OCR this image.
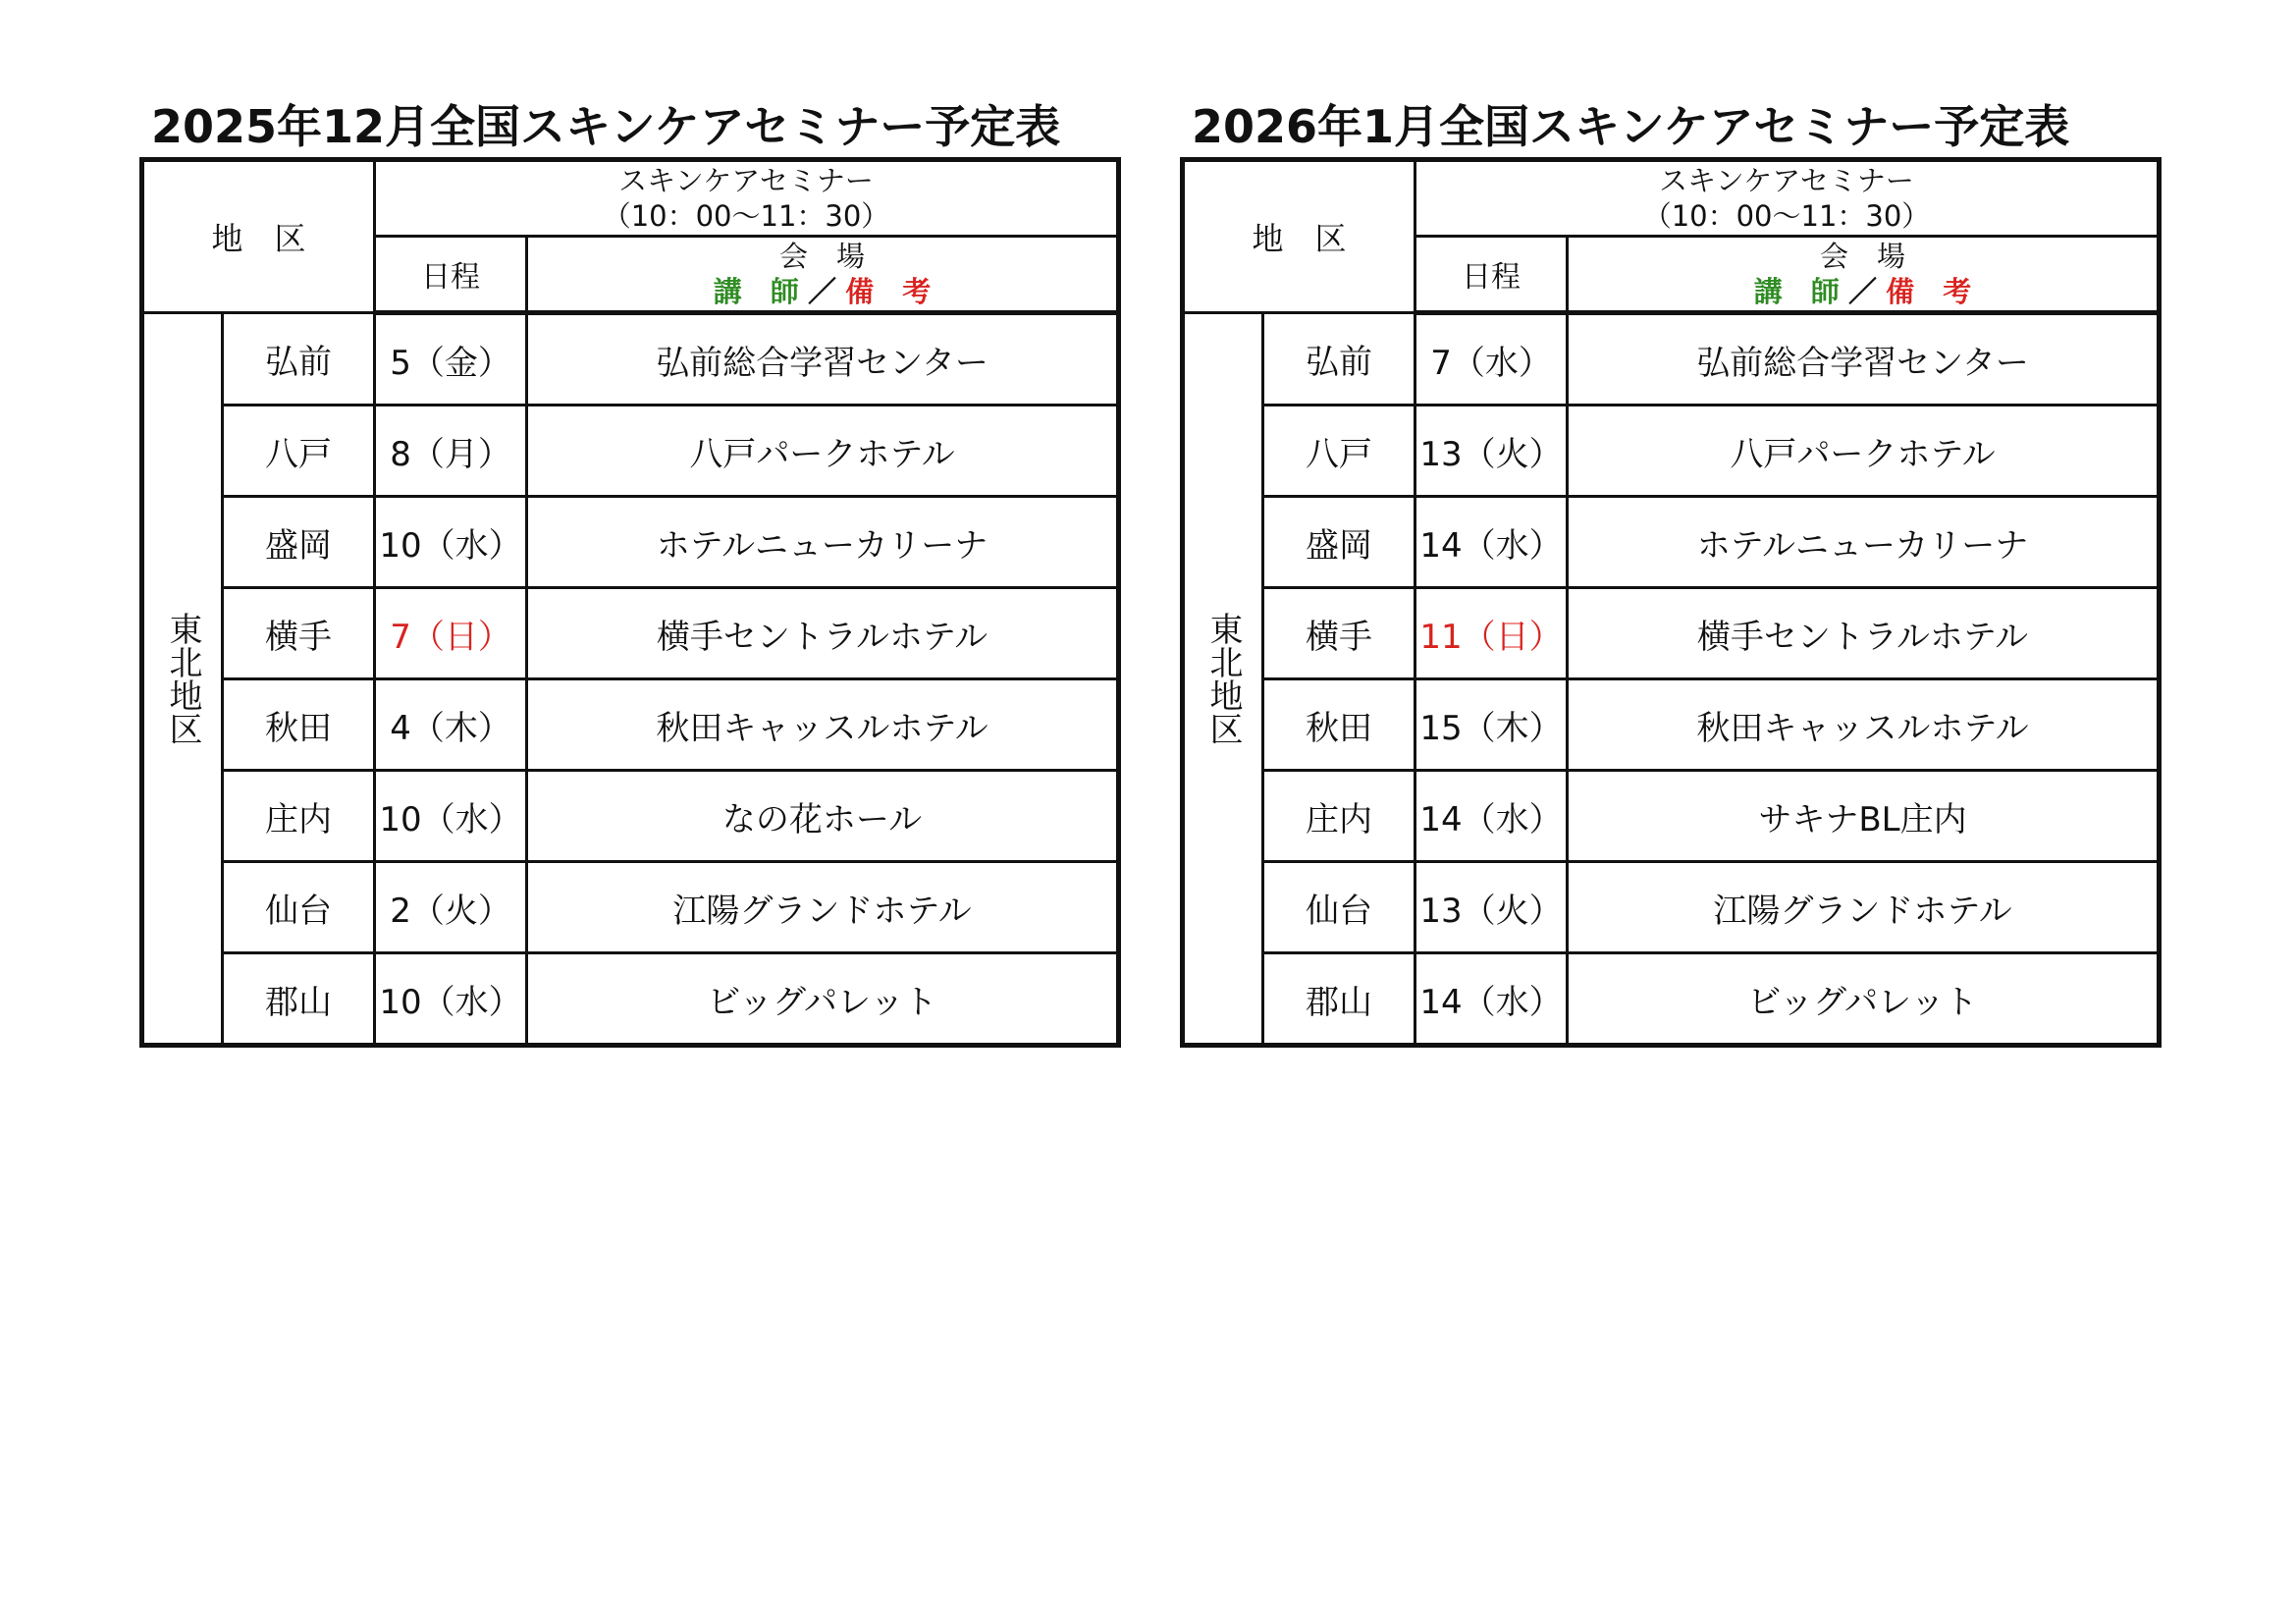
2025年12月全国スキンケアセミナー予定表
地　区		スキンケアセミナー
（10：00～11：30）	

		日程	会　場
講　師 ／ 備　考

東北地区	弘前	5（金）	弘前総合学習センター
	八戸	8（月）	八戸パークホテル
	盛岡	10（水）	ホテルニューカリーナ
	横手	7（日）	横手セントラルホテル
	秋田	4（木）	秋田キャッスルホテル
	庄内	10（水）	なの花ホール
	仙台	2（火）	江陽グランドホテル
	郡山	10（水）	ビッグパレット
2026年1月全国スキンケアセミナー予定表
地　区		スキンケアセミナー
（10：00～11：30）	

		日程	会　場
講　師 ／ 備　考

東北地区	弘前	7（水）	弘前総合学習センター
	八戸	13（火）	八戸パークホテル
	盛岡	14（水）	ホテルニューカリーナ
	横手	11（日）	横手セントラルホテル
	秋田	15（木）	秋田キャッスルホテル
	庄内	14（水）	サキナBL庄内
	仙台	13（火）	江陽グランドホテル
	郡山	14（水）	ビッグパレット
